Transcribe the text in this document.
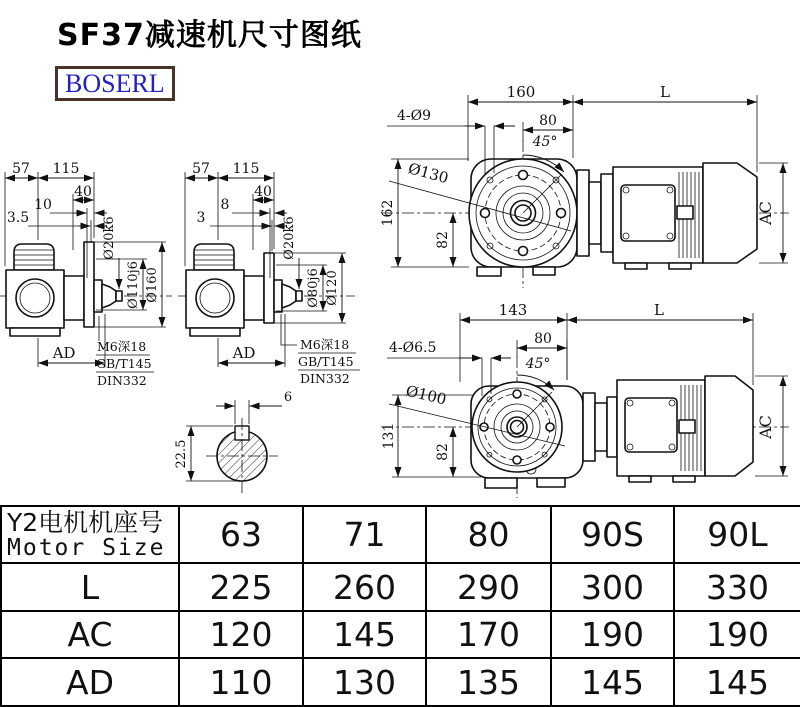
SF37减速机尺寸图纸
BOSERL
57 115
40
10
3.5	Ø20k6
Ø110j6 Ø160
AD M6深18
GB/T145
DIN332
57 115
40
8
3	Ø20k6
Ø80j6 Ø120
AD	M6深18
GB/T145
DIN332
160	L
4-Ø9	80
45°
Ø130
162
82
AC
143	L
4-Ø6.5
80
45°
Ø100
131
82
AC
6
22.5
Y2电机机座号
Motor Size	63	71	80	90S	90L
L	225	260	290	300	330
AC	120	145	170	190	190
AD	110	130	135	145	145
